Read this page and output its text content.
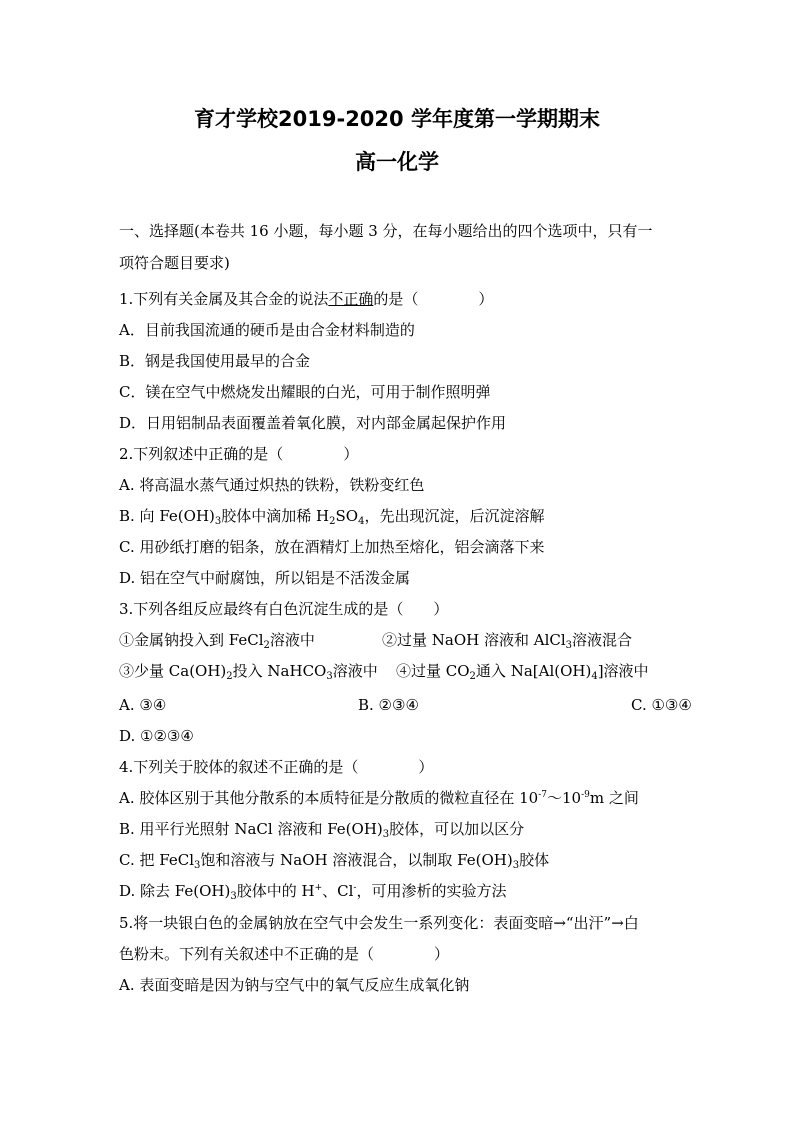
育才学校2019-2020 学年度第一学期期末
高一化学
一、选择题(本卷共 16 小题，每小题 3 分，在每小题给出的四个选项中，只有一
项符合题目要求)
1.下列有关金属及其合金的说法不正确的是（　　　　）
A．目前我国流通的硬币是由合金材料制造的
B．钢是我国使用最早的合金
C．镁在空气中燃烧发出耀眼的白光，可用于制作照明弹
D．日用铝制品表面覆盖着氧化膜，对内部金属起保护作用
2.下列叙述中正确的是（　　　　）
A. 将高温水蒸气通过炽热的铁粉，铁粉变红色
B. 向 $Fe(OH)_3$胶体中滴加稀 $H_2SO_4$，先出现沉淀，后沉淀溶解
C. 用砂纸打磨的铝条，放在酒精灯上加热至熔化，铝会滴落下来
D. 铝在空气中耐腐蚀，所以铝是不活泼金属
3.下列各组反应最终有白色沉淀生成的是（　　）
①金属钠投入到 FeCl$_2$溶液中	②过量 NaOH 溶液和 AlCl$_3$溶液混合
③少量 $Ca(OH)_2$投入 NaHCO$_3$溶液中 ④过量 $CO_2$通入 $Na[Al(OH)_4]$溶液中
A. ③④	B. ②③④	C. ①③④
D. ①②③④
4.下列关于胶体的叙述不正确的是（　　　　）
A. 胶体区别于其他分散系的本质特征是分散质的微粒直径在 $10^{-7}\sim 10^{-9}m$ 之间
B. 用平行光照射 NaCl 溶液和 $Fe(OH)_3$胶体，可以加以区分
C. 把 FeCl$_3$饱和溶液与 NaOH 溶液混合，以制取 $Fe(OH)_3$胶体
D. 除去 $Fe(OH)_3$胶体中的 H+、Cl-，可用渗析的实验方法
5.将一块银白色的金属钠放在空气中会发生一系列变化：表面变暗→“出汗”→白
色粉末。下列有关叙述中不正确的是（　　　　）
A. 表面变暗是因为钠与空气中的氧气反应生成氧化钠
